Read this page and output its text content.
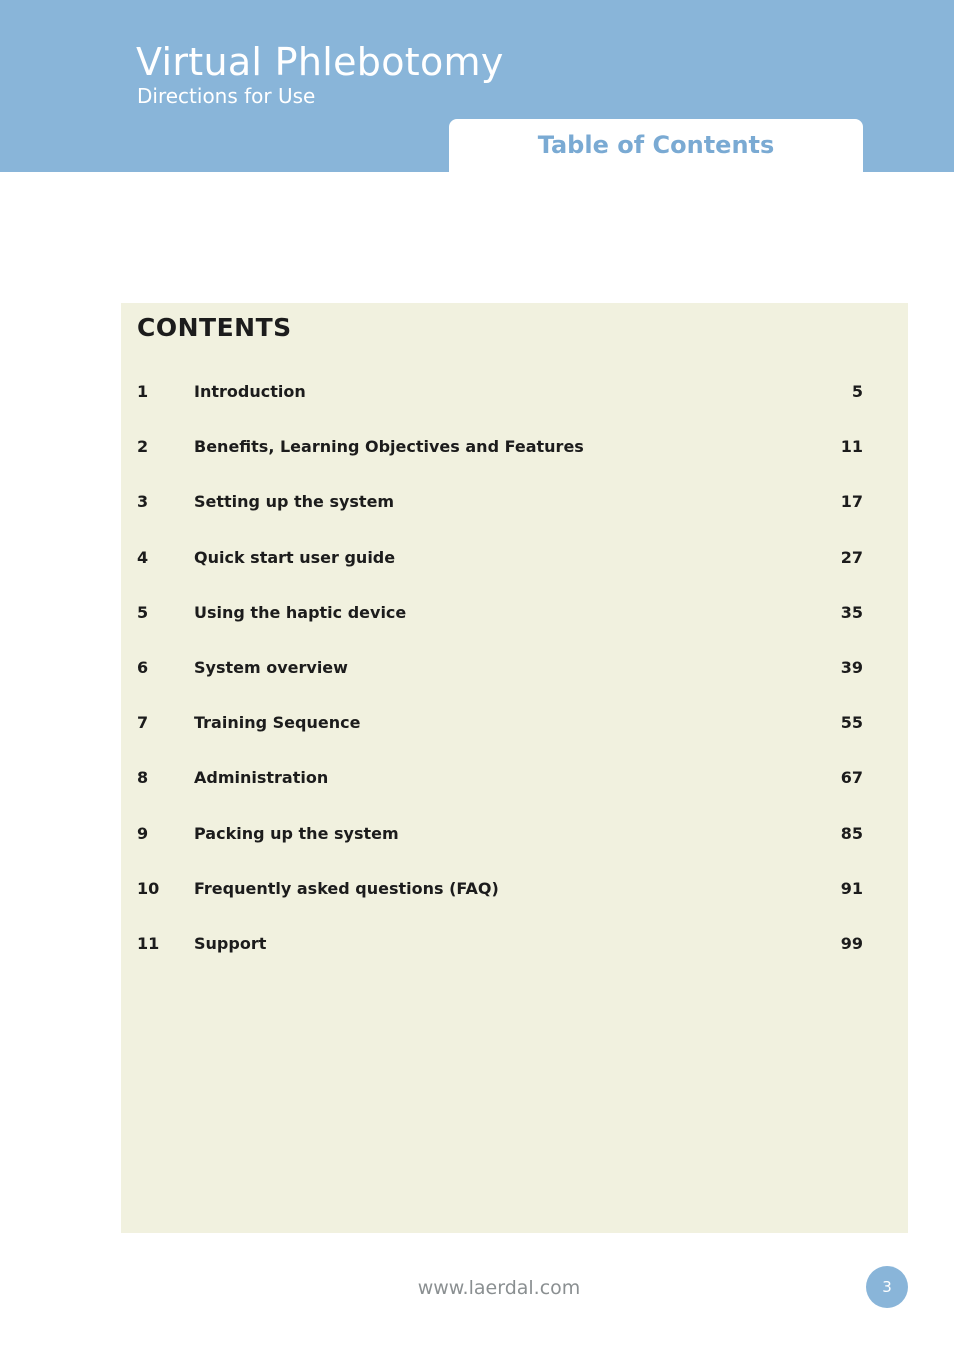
Virtual Phlebotomy
Directions for Use
Table of Contents
CONTENTS
1	Introduction	5
2	Benefits, Learning Objectives and Features	11
3	Setting up the system	17
4	Quick start user guide	27
5	Using the haptic device	35
6	System overview	39
7	Training Sequence	55
8	Administration	67
9	Packing up the system	85
10 Frequently asked questions (FAQ)	91
11 Support	99
www.laerdal.com	3
